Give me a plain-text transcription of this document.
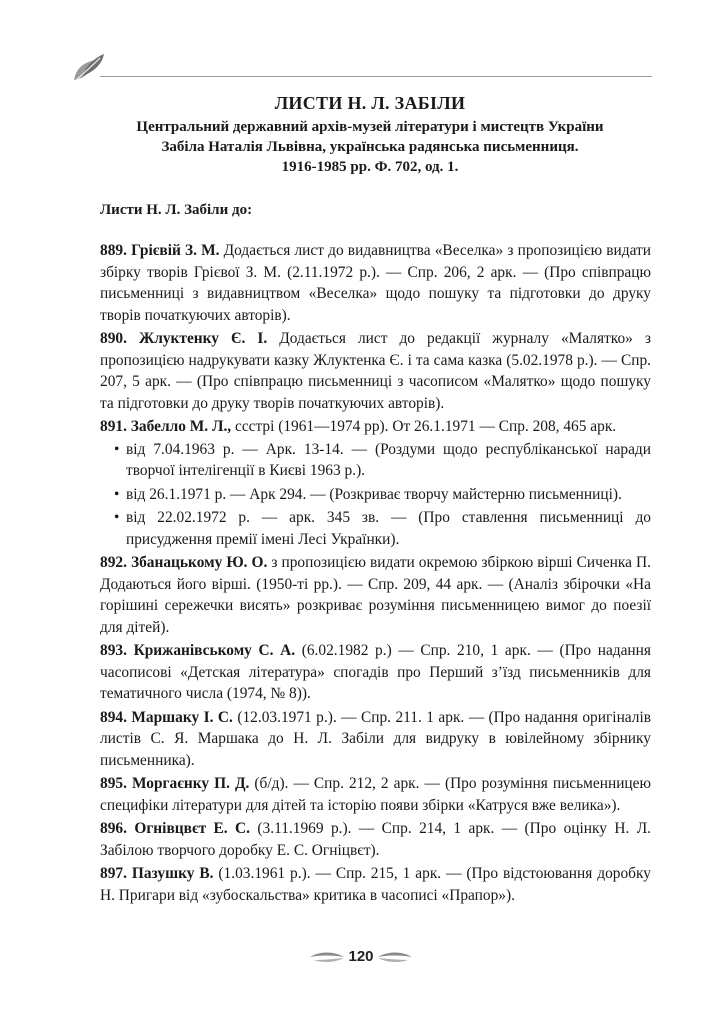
ЛИСТИ Н. Л. ЗАБІЛИ
Центральний державний архів-музей літератури і мистецтв України
Забіла Наталія Львівна, українська радянська письменниця.
1916-1985 рр. Ф. 702, од. 1.
Листи Н. Л. Забіли до:

889. Грієвій З. М. Додається лист до видавництва «Веселка» з пропозицією видати збірку творів Грієвої З. М. (2.11.1972 р.). — Спр. 206, 2 арк. — (Про співпрацю письменниці з видавництвом «Веселка» щодо пошуку та підготовки до друку творів початкуючих авторів).

890. Жлуктенку Є. І. Додається лист до редакції журналу «Малятко» з пропозицією надрукувати казку Жлуктенка Є. і та сама казка (5.02.1978 р.). — Спр. 207, 5 арк. — (Про співпрацю письменниці з часописом «Малятко» щодо пошуку та підготовки до друку творів початкуючих авторів).

891. Забелло М. Л., ссстрі (1961—1974 рр). От 26.1.1971 — Спр. 208, 465 арк.

• від 7.04.1963 р. — Арк. 13-14. — (Роздуми щодо республіканської наради творчої інтелігенції в Києві 1963 р.).
• від 26.1.1971 р. — Арк 294. — (Розкриває творчу майстерню письменниці).
• від 22.02.1972 р. — арк. 345 зв. — (Про ставлення письменниці до присудження премії імені Лесі Українки).

892. Збанацькому Ю. О. з пропозицією видати окремою збіркою вірші Сиченка П. Додаються його вірші. (1950-ті рр.). — Спр. 209, 44 арк. — (Аналіз збірочки «На горішині сережечки висять» розкриває розуміння письменницею вимог до поезії для дітей).

893. Крижанівському С. А. (6.02.1982 р.) — Спр. 210, 1 арк. — (Про надання часописові «Детская література» спогадів про Перший з’їзд письменників для тематичного числа (1974, № 8)).

894. Маршаку І. С. (12.03.1971 р.). — Спр. 211. 1 арк. — (Про надання оригіналів листів С. Я. Маршака до Н. Л. Забіли для видруку в ювілейному збірнику письменника).

895. Моргаєнку П. Д. (б/д). — Спр. 212, 2 арк. — (Про розуміння письменницею специфіки літератури для дітей та історію появи збірки «Катруся вже велика»).

896. Огнівцвєт Е. С. (3.11.1969 р.). — Спр. 214, 1 арк. — (Про оцінку Н. Л. Забілою творчого доробку Е. С. Огніцвєт).

897. Пазушку В. (1.03.1961 р.). — Спр. 215, 1 арк. — (Про відстоювання доробку Н. Пригари від «зубоскальства» критика в часописі «Прапор»).

120
